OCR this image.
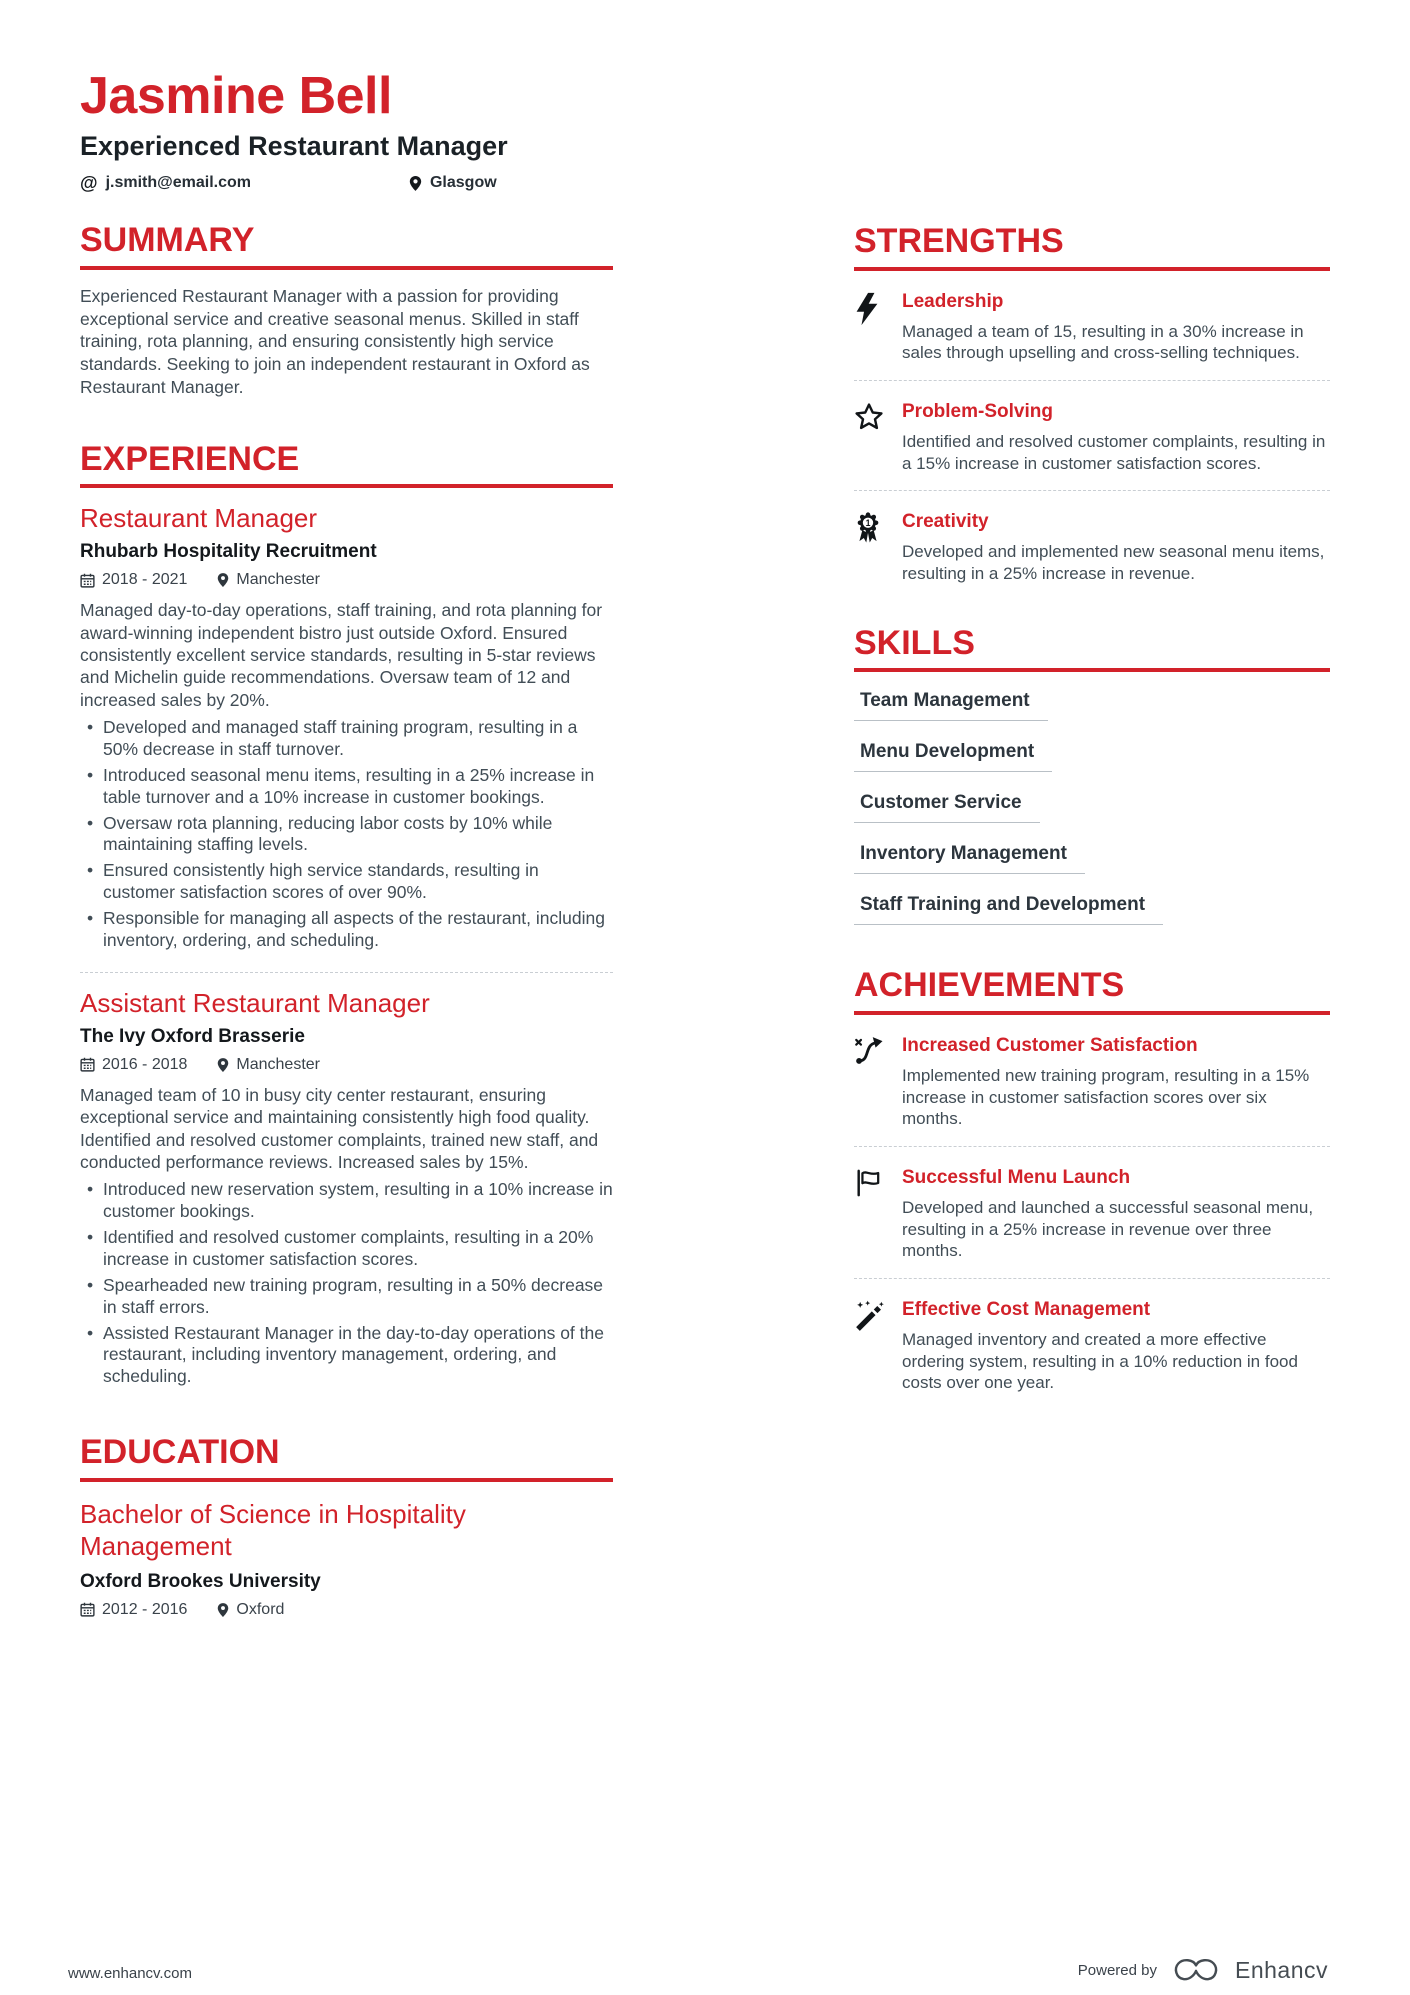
Jasmine Bell
Experienced Restaurant Manager
@ j.smith@email.com	Glasgow
SUMMARY

Experienced Restaurant Manager with a passion for providing exceptional service and creative seasonal menus. Skilled in staff training, rota planning, and ensuring consistently high service standards. Seeking to join an independent restaurant in Oxford as Restaurant Manager.

EXPERIENCE
Restaurant Manager
Rhubarb Hospitality Recruitment
2018 - 2021	Manchester

Managed day-to-day operations, staff training, and rota planning for award-winning independent bistro just outside Oxford. Ensured consistently excellent service standards, resulting in 5-star reviews and Michelin guide recommendations. Oversaw team of 12 and increased sales by 20%.

• Developed and managed staff training program, resulting in a 50% decrease in staff turnover.
• Introduced seasonal menu items, resulting in a 25% increase in table turnover and a 10% increase in customer bookings.
• Oversaw rota planning, reducing labor costs by 10% while maintaining staffing levels.
• Ensured consistently high service standards, resulting in customer satisfaction scores of over 90%.
• Responsible for managing all aspects of the restaurant, including inventory, ordering, and scheduling.
Assistant Restaurant Manager
The Ivy Oxford Brasserie
2016 - 2018	Manchester

Managed team of 10 in busy city center restaurant, ensuring exceptional service and maintaining consistently high food quality. Identified and resolved customer complaints, trained new staff, and conducted performance reviews. Increased sales by 15%.

• Introduced new reservation system, resulting in a 10% increase in customer bookings.
• Identified and resolved customer complaints, resulting in a 20% increase in customer satisfaction scores.
• Spearheaded new training program, resulting in a 50% decrease in staff errors.
• Assisted Restaurant Manager in the day-to-day operations of the restaurant, including inventory management, ordering, and scheduling.
EDUCATION
Bachelor of Science in Hospitality Management
Oxford Brookes University
2012 - 2016	Oxford
STRENGTHS
Leadership

Managed a team of 15, resulting in a 30% increase in sales through upselling and cross-selling techniques.

Problem-Solving

Identified and resolved customer complaints, resulting in a 15% increase in customer satisfaction scores.

1 Creativity

Developed and implemented new seasonal menu items, resulting in a 25% increase in revenue.

SKILLS
Team Management
Menu Development
Customer Service
Inventory Management
Staff Training and Development
ACHIEVEMENTS
Increased Customer Satisfaction

Implemented new training program, resulting in a 15% increase in customer satisfaction scores over six months.

Successful Menu Launch

Developed and launched a successful seasonal menu, resulting in a 25% increase in revenue over three months.

Effective Cost Management

Managed inventory and created a more effective ordering system, resulting in a 10% reduction in food costs over one year.

www.enhancv.com	Powered by	Enhancv
